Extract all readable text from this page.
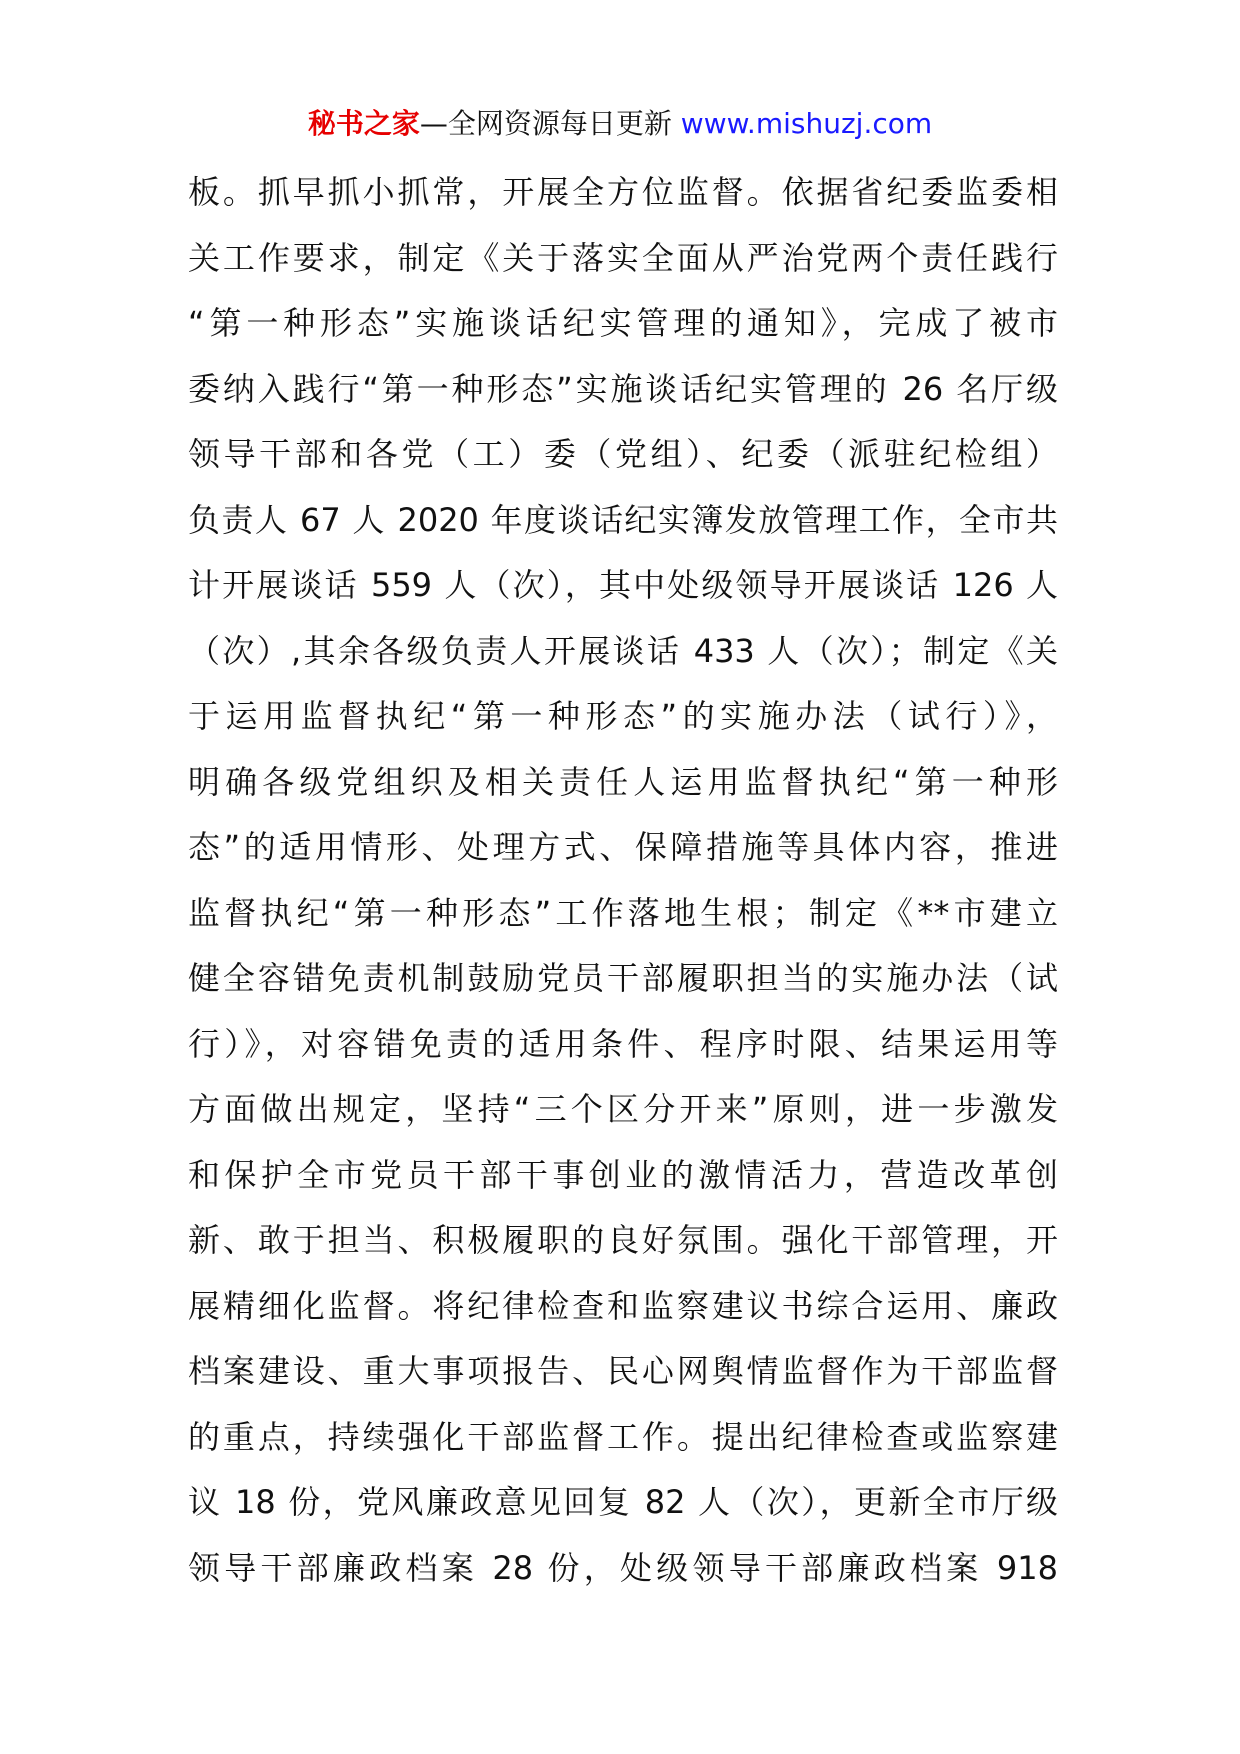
秘书之家—全网资源每日更新 www.mishuzj.com
板。抓早抓小抓常，开展全方位监督。依据省纪委监委相
关工作要求，制定《关于落实全面从严治党两个责任践行
“第一种形态”实施谈话纪实管理的通知》，完成了被市
委纳入践行“第一种形态”实施谈话纪实管理的 26 名厅级
领导干部和各党（工）委（党组）、纪委（派驻纪检组）
负责人 67 人 2020 年度谈话纪实簿发放管理工作，全市共
计开展谈话 559 人（次），其中处级领导开展谈话 126 人
（次）,其余各级负责人开展谈话 433 人（次）；制定《关
于运用监督执纪“第一种形态”的实施办法（试行）》，
明确各级党组织及相关责任人运用监督执纪“第一种形
态”的适用情形、处理方式、保障措施等具体内容，推进
监督执纪“第一种形态”工作落地生根；制定《**市建立
健全容错免责机制鼓励党员干部履职担当的实施办法（试
行）》，对容错免责的适用条件、程序时限、结果运用等
方面做出规定，坚持“三个区分开来”原则，进一步激发
和保护全市党员干部干事创业的激情活力，营造改革创
新、敢于担当、积极履职的良好氛围。强化干部管理，开
展精细化监督。将纪律检查和监察建议书综合运用、廉政
档案建设、重大事项报告、民心网舆情监督作为干部监督
的重点，持续强化干部监督工作。提出纪律检查或监察建
议 18 份，党风廉政意见回复 82 人（次），更新全市厅级
领导干部廉政档案 28 份，处级领导干部廉政档案 918
